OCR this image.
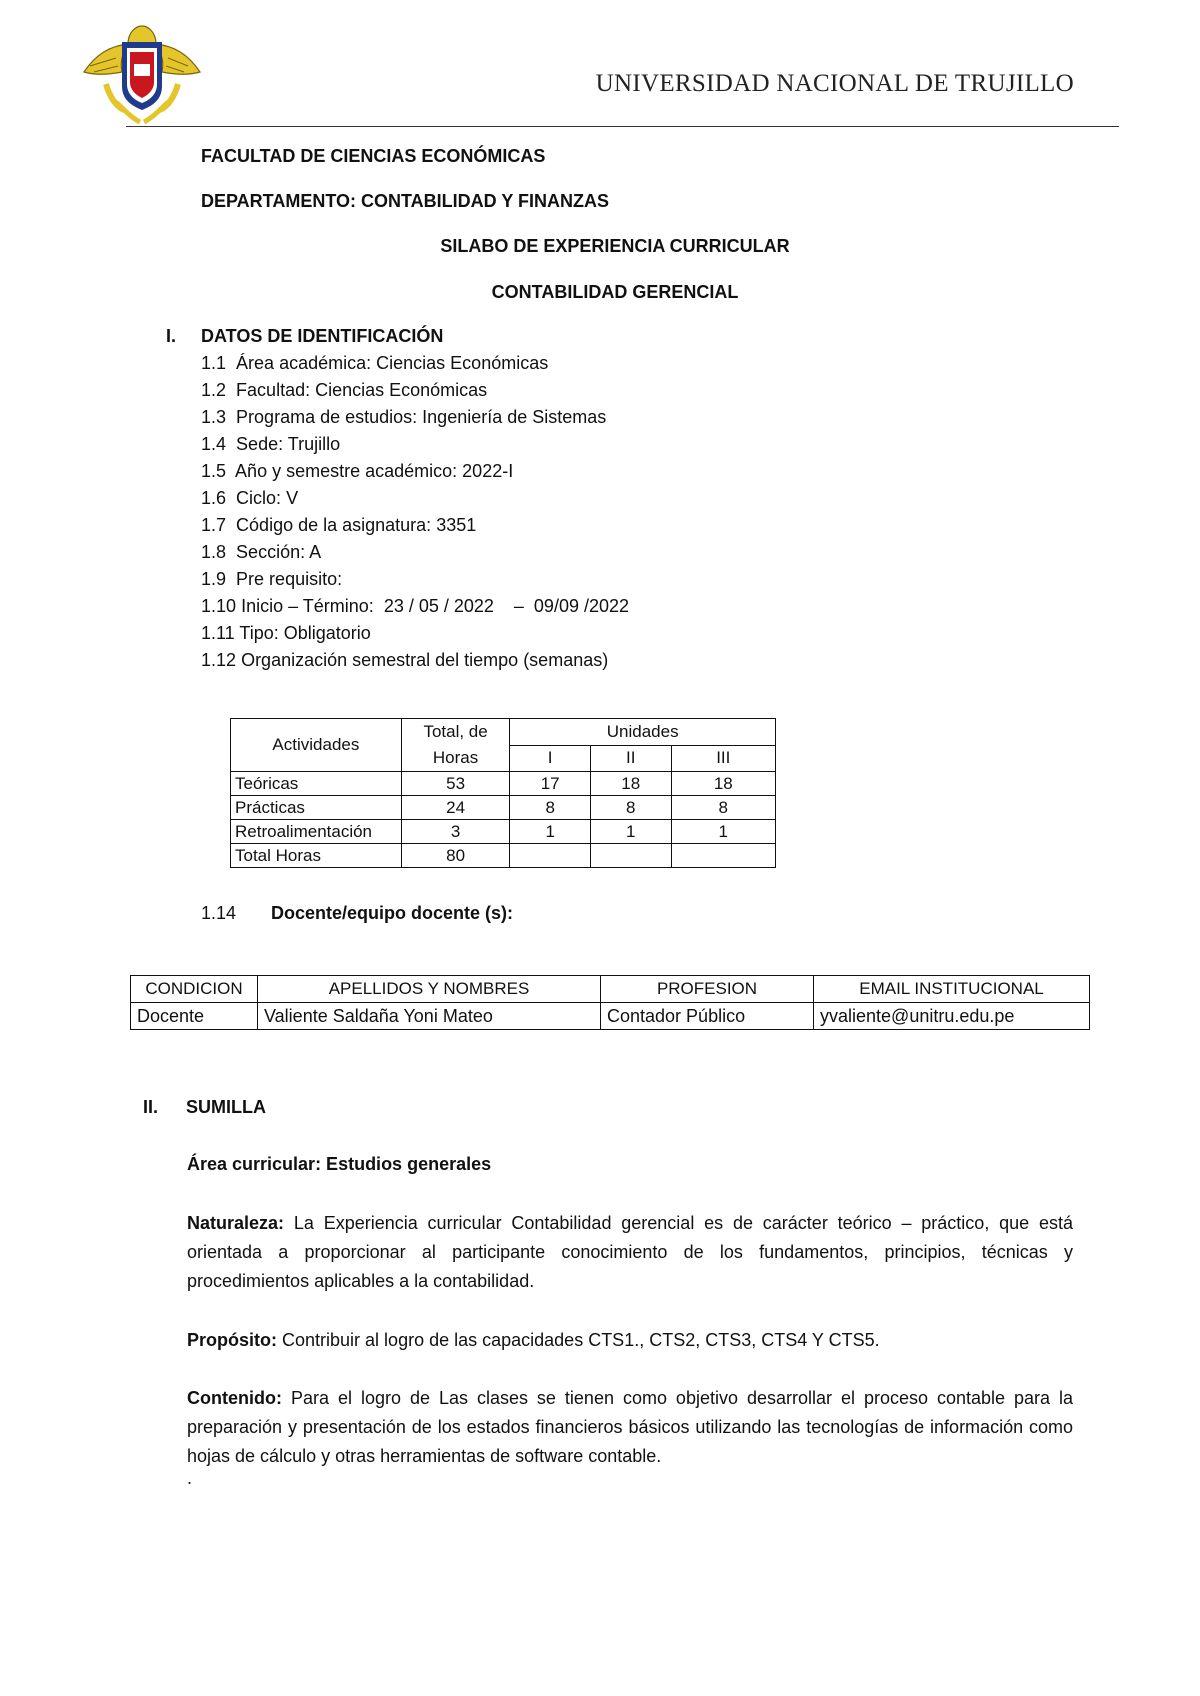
UNIVERSIDAD NACIONAL DE TRUJILLO
FACULTAD DE CIENCIAS ECONÓMICAS
DEPARTAMENTO: CONTABILIDAD Y FINANZAS
SILABO DE EXPERIENCIA CURRICULAR
CONTABILIDAD GERENCIAL
I. DATOS DE IDENTIFICACIÓN
1.1 Área académica: Ciencias Económicas
1.2 Facultad: Ciencias Económicas
1.3 Programa de estudios: Ingeniería de Sistemas
1.4 Sede: Trujillo
1.5 Año y semestre académico: 2022-I
1.6 Ciclo: V
1.7 Código de la asignatura: 3351
1.8 Sección: A
1.9 Pre requisito:
1.10 Inicio – Término: 23 / 05 / 2022    –  09/09 /2022
1.11 Tipo: Obligatorio
1.12 Organización semestral del tiempo (semanas)
Actividades	Total, de Horas	Unidades		
		I	II	III
Teóricas	53	17	18	18
Prácticas	24	8	8	8
Retroalimentación	3	1	1	1
Total Horas	80			
1.14 Docente/equipo docente (s):
CONDICION	APELLIDOS Y NOMBRES	PROFESION	EMAIL INSTITUCIONAL
Docente	Valiente Saldaña Yoni Mateo	Contador Público	yvaliente@unitru.edu.pe
II. SUMILLA
Área curricular: Estudios generales
Naturaleza: La Experiencia curricular Contabilidad gerencial es de carácter teórico – práctico, que está orientada a proporcionar al participante conocimiento de los fundamentos, principios, técnicas y procedimientos aplicables a la contabilidad.
Propósito: Contribuir al logro de las capacidades CTS1., CTS2, CTS3, CTS4 Y CTS5.
Contenido: Para el logro de Las clases se tienen como objetivo desarrollar el proceso contable para la preparación y presentación de los estados financieros básicos utilizando las tecnologías de información como hojas de cálculo y otras herramientas de software contable.
.
